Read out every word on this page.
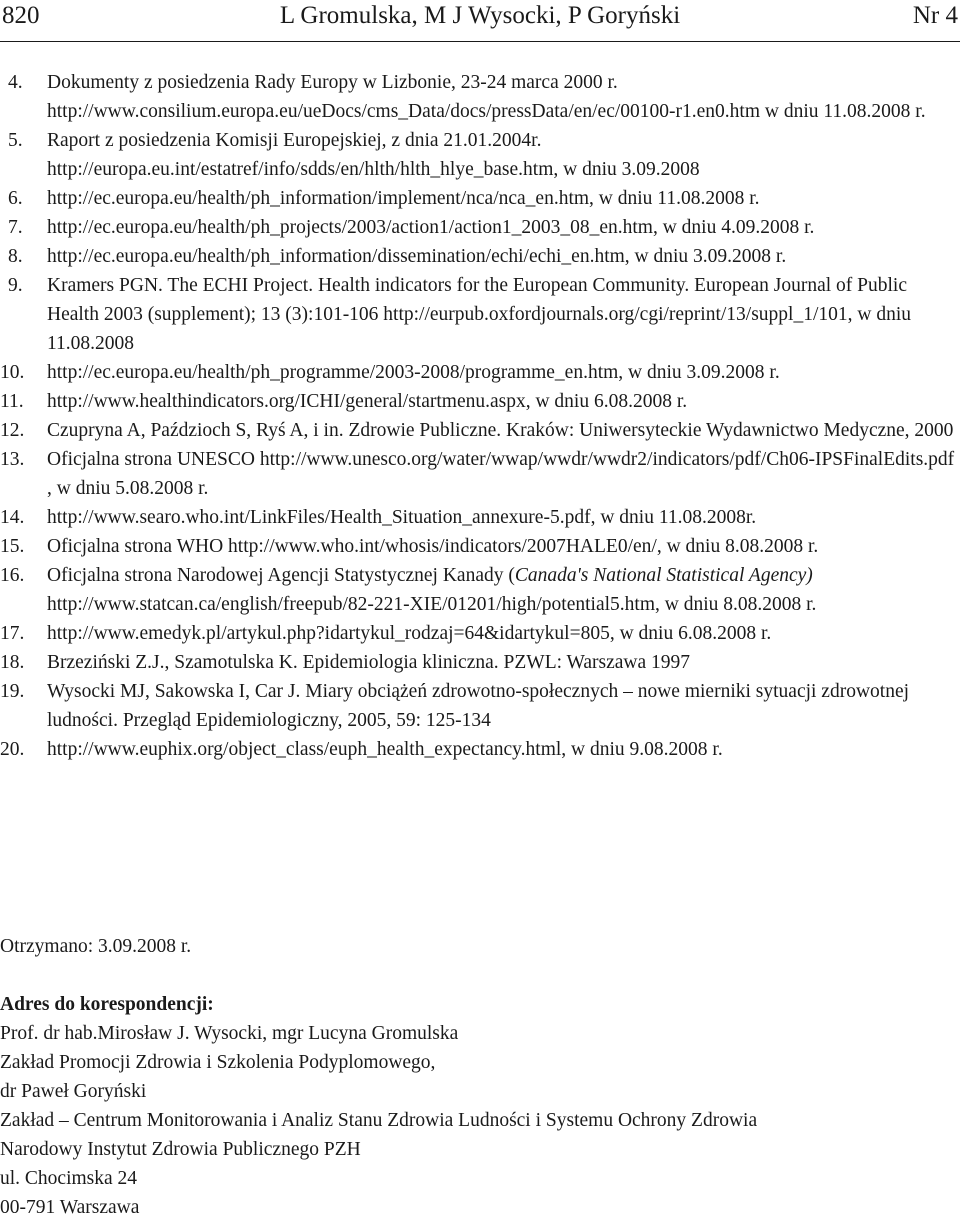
820	L Gromulska, M J Wysocki, P Goryński	Nr 4
4. Dokumenty z posiedzenia Rady Europy w Lizbonie, 23-24 marca 2000 r. http://www.consilium.europa.eu/ueDocs/cms_Data/docs/pressData/en/ec/00100-r1.en0.htm w dniu 11.08.2008 r.
5. Raport z posiedzenia Komisji Europejskiej, z dnia 21.01.2004r. http://europa.eu.int/estatref/info/sdds/en/hlth/hlth_hlye_base.htm, w dniu 3.09.2008
6. http://ec.europa.eu/health/ph_information/implement/nca/nca_en.htm, w dniu 11.08.2008 r.
7. http://ec.europa.eu/health/ph_projects/2003/action1/action1_2003_08_en.htm, w dniu 4.09.2008 r.
8. http://ec.europa.eu/health/ph_information/dissemination/echi/echi_en.htm, w dniu 3.09.2008 r.
9. Kramers PGN. The ECHI Project. Health indicators for the European Community. European Journal of Public Health 2003 (supplement); 13 (3):101-106 http://eurpub.oxfordjournals.org/cgi/reprint/13/suppl_1/101, w dniu 11.08.2008
10. http://ec.europa.eu/health/ph_programme/2003-2008/programme_en.htm, w dniu 3.09.2008 r.
11. http://www.healthindicators.org/ICHI/general/startmenu.aspx, w dniu 6.08.2008 r.
12. Czupryna A, Paździoch S, Ryś A, i in. Zdrowie Publiczne. Kraków: Uniwersyteckie Wydawnictwo Medyczne, 2000
13. Oficjalna strona UNESCO http://www.unesco.org/water/wwap/wwdr/wwdr2/indicators/pdf/Ch06-IPSFinalEdits.pdf , w dniu 5.08.2008 r.
14. http://www.searo.who.int/LinkFiles/Health_Situation_annexure-5.pdf, w dniu 11.08.2008r.
15. Oficjalna strona WHO http://www.who.int/whosis/indicators/2007HALE0/en/, w dniu 8.08.2008 r.
16. Oficjalna strona Narodowej Agencji Statystycznej Kanady (Canada's National Statistical Agency) http://www.statcan.ca/english/freepub/82-221-XIE/01201/high/potential5.htm, w dniu 8.08.2008 r.
17. http://www.emedyk.pl/artykul.php?idartykul_rodzaj=64&idartykul=805, w dniu 6.08.2008 r.
18. Brzeziński Z.J., Szamotulska K. Epidemiologia kliniczna. PZWL: Warszawa 1997
19. Wysocki MJ, Sakowska I, Car J. Miary obciążeń zdrowotno-społecznych – nowe mierniki sytuacji zdrowotnej ludności. Przegląd Epidemiologiczny, 2005, 59: 125-134
20. http://www.euphix.org/object_class/euph_health_expectancy.html, w dniu 9.08.2008 r.
Otrzymano: 3.09.2008 r.
Adres do korespondencji:
Prof. dr hab.Mirosław J. Wysocki, mgr Lucyna Gromulska
Zakład Promocji Zdrowia i Szkolenia Podyplomowego,
dr Paweł Goryński
Zakład – Centrum Monitorowania i Analiz Stanu Zdrowia Ludności i Systemu Ochrony Zdrowia
Narodowy Instytut Zdrowia Publicznego PZH
ul. Chocimska 24
00-791 Warszawa
